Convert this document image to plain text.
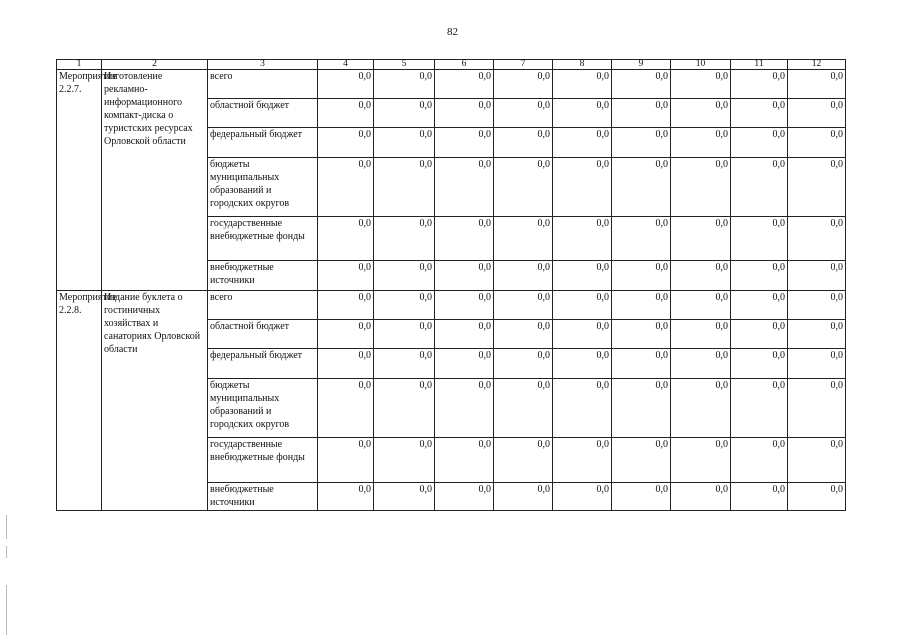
82
1	2	3	4	5	6	7	8	9	10	11	12
Мероприятие 2.2.7.	Изготовление рекламно-информационного компакт-диска о туристских ресурсах Орловской области	всего	0,0	0,0	0,0	0,0	0,0	0,0	0,0	0,0	0,0
		областной бюджет	0,0	0,0	0,0	0,0	0,0	0,0	0,0	0,0	0,0
		федеральный бюджет	0,0	0,0	0,0	0,0	0,0	0,0	0,0	0,0	0,0
		бюджеты муниципальных образований и городских округов	0,0	0,0	0,0	0,0	0,0	0,0	0,0	0,0	0,0
		государственные внебюджетные фонды	0,0	0,0	0,0	0,0	0,0	0,0	0,0	0,0	0,0
		внебюджетные источники	0,0	0,0	0,0	0,0	0,0	0,0	0,0	0,0	0,0
Мероприятие 2.2.8.	Издание буклета о гостиничных хозяйствах и санаториях Орловской области	всего	0,0	0,0	0,0	0,0	0,0	0,0	0,0	0,0	0,0
		областной бюджет	0,0	0,0	0,0	0,0	0,0	0,0	0,0	0,0	0,0
		федеральный бюджет	0,0	0,0	0,0	0,0	0,0	0,0	0,0	0,0	0,0
		бюджеты муниципальных образований и городских округов	0,0	0,0	0,0	0,0	0,0	0,0	0,0	0,0	0,0
		государственные внебюджетные фонды	0,0	0,0	0,0	0,0	0,0	0,0	0,0	0,0	0,0
		внебюджетные источники	0,0	0,0	0,0	0,0	0,0	0,0	0,0	0,0	0,0
